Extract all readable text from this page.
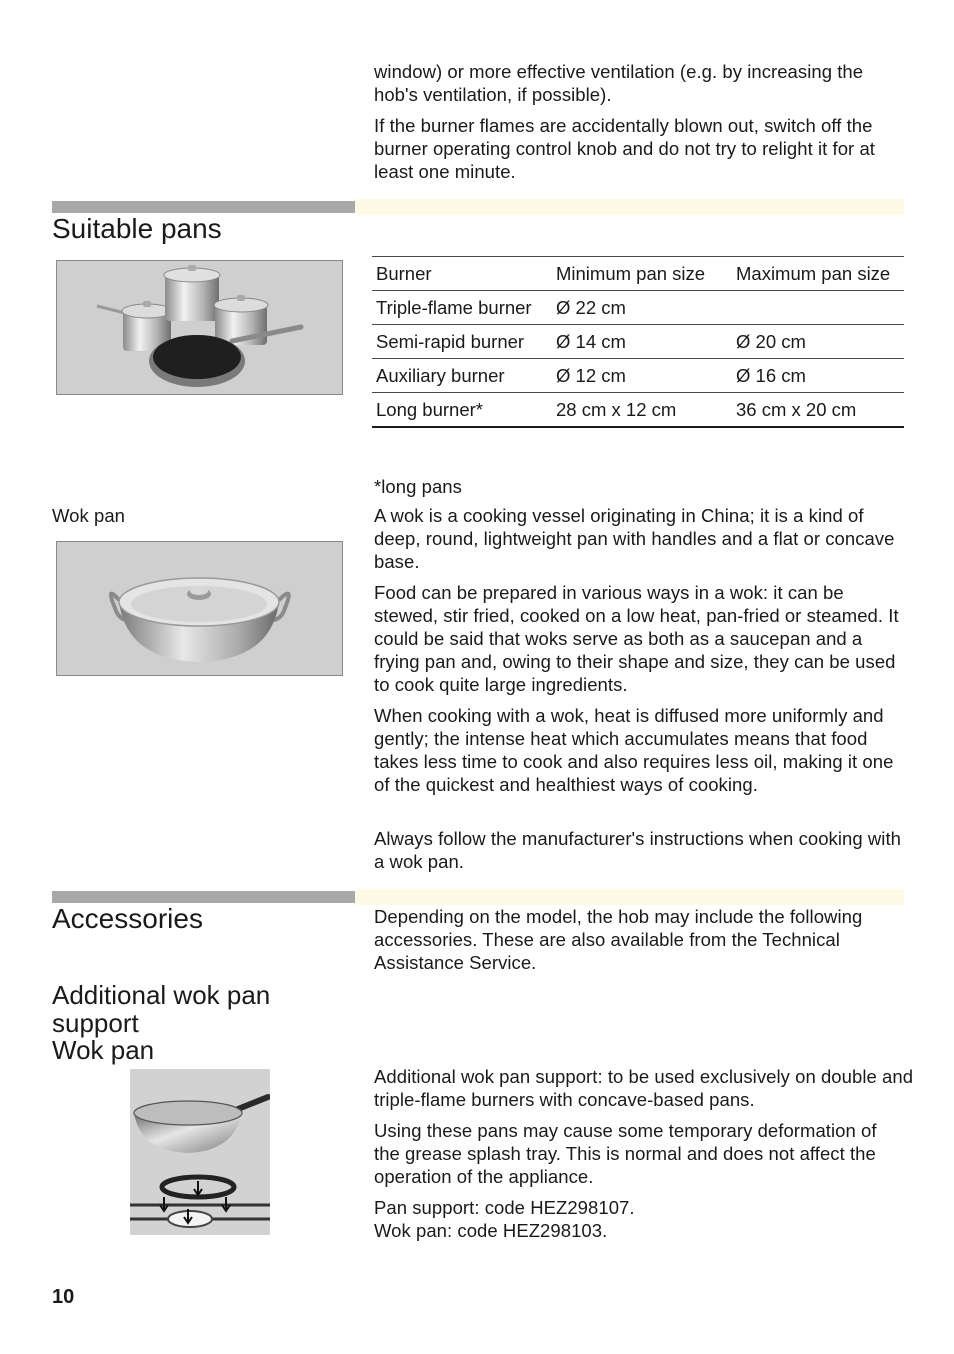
window) or more effective ventilation (e.g. by increasing the hob's ventilation, if possible).

If the burner flames are accidentally blown out, switch off the burner operating control knob and do not try to relight it for at least one minute.

Suitable pans
Burner	Minimum pan size	Maximum pan size
Triple-flame burner	Ø 22 cm	
Semi-rapid burner	Ø 14 cm	Ø 20 cm
Auxiliary burner	Ø 12 cm	Ø 16 cm
Long burner*	28 cm x 12 cm	36 cm x 20 cm

*long pans

Wok pan	A wok is a cooking vessel originating in China; it is a kind of deep, round, lightweight pan with handles and a flat or concave base.

Food can be prepared in various ways in a wok: it can be stewed, stir fried, cooked on a low heat, pan-fried or steamed. It could be said that woks serve as both as a saucepan and a frying pan and, owing to their shape and size, they can be used to cook quite large ingredients.

When cooking with a wok, heat is diffused more uniformly and gently; the intense heat which accumulates means that food takes less time to cook and also requires less oil, making it one of the quickest and healthiest ways of cooking.

Always follow the manufacturer's instructions when cooking with a wok pan.

Accessories	Depending on the model, the hob may include the following accessories. These are also available from the Technical Assistance Service.

Additional wok pan
support
Wok pan

Additional wok pan support: to be used exclusively on double and triple-flame burners with concave-based pans.

Using these pans may cause some temporary deformation of the grease splash tray. This is normal and does not affect the operation of the appliance.

Pan support: code HEZ298107.
Wok pan: code HEZ298103.

10
